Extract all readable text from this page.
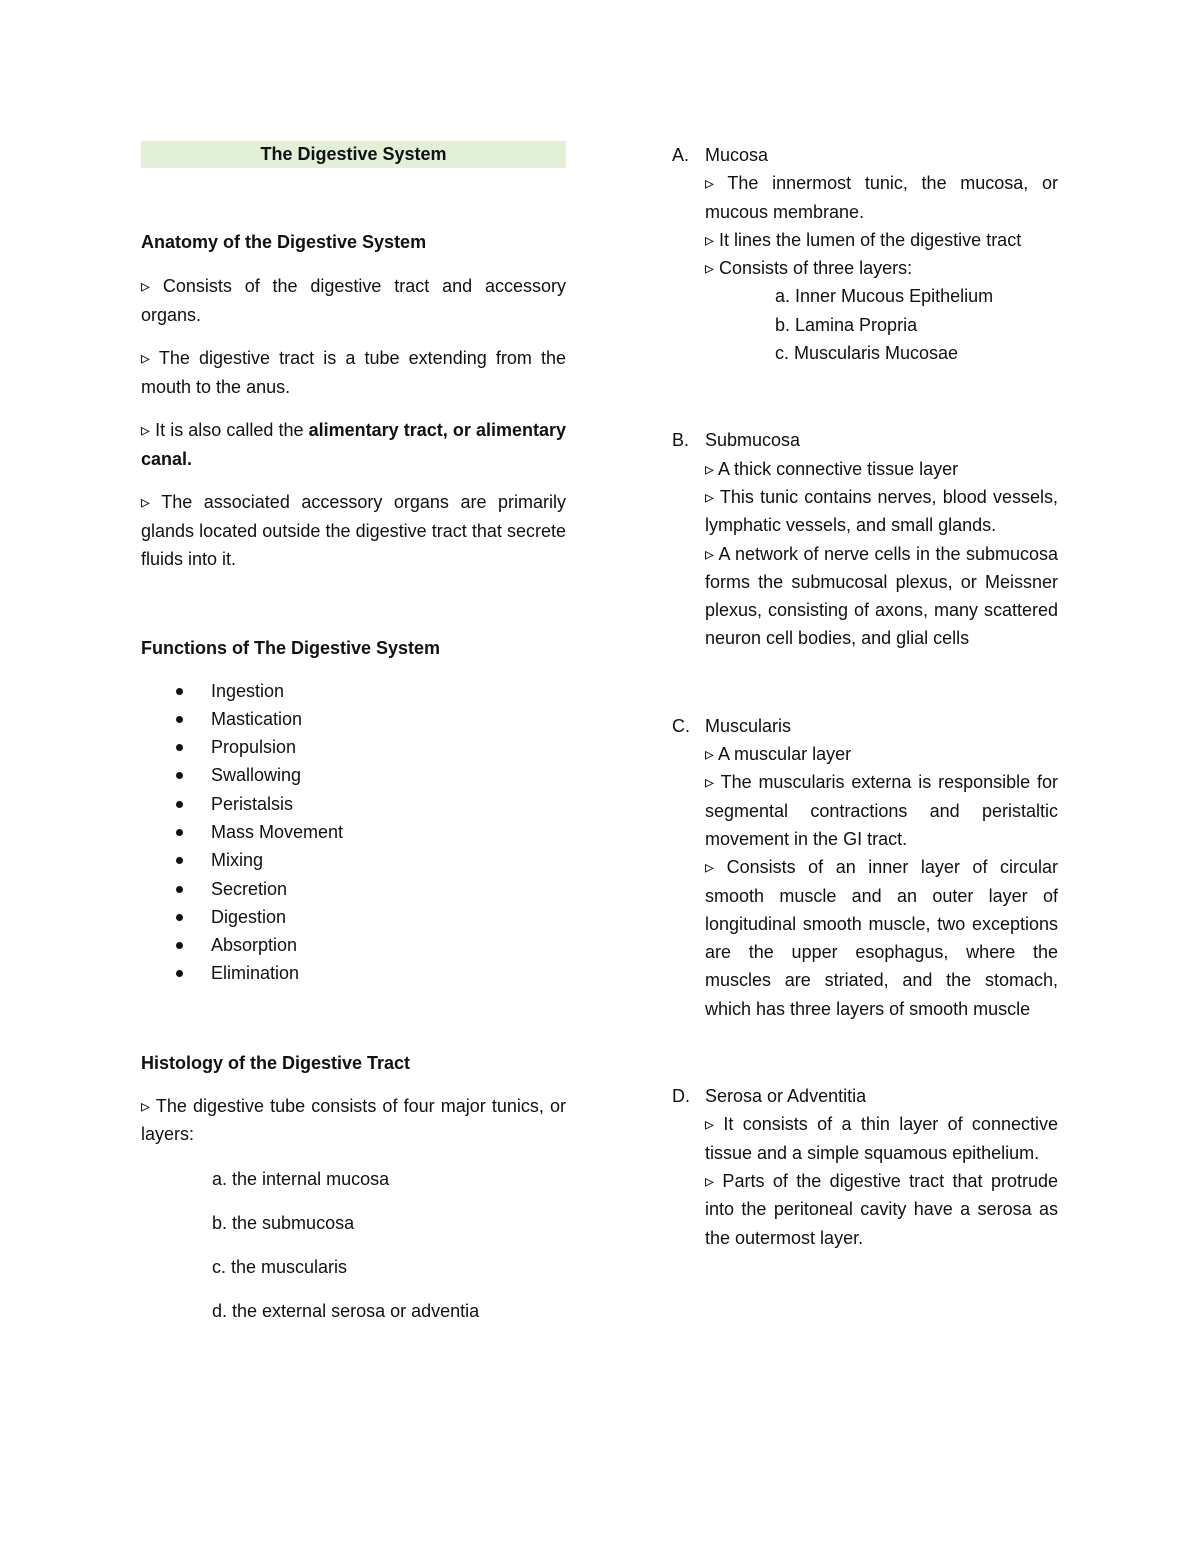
The Digestive System
Anatomy of the Digestive System
▹ Consists of the digestive tract and accessory organs.
▹ The digestive tract is a tube extending from the mouth to the anus.
▹ It is also called the alimentary tract, or alimentary canal.
▹ The associated accessory organs are primarily glands located outside the digestive tract that secrete fluids into it.
Functions of The Digestive System
Ingestion
Mastication
Propulsion
Swallowing
Peristalsis
Mass Movement
Mixing
Secretion
Digestion
Absorption
Elimination
Histology of the Digestive Tract
▹ The digestive tube consists of four major tunics, or layers:
a. the internal mucosa
b. the submucosa
c. the muscularis
d. the external serosa or adventia
A. Mucosa
▹ The innermost tunic, the mucosa, or mucous membrane.
▹ It lines the lumen of the digestive tract
▹ Consists of three layers:
a. Inner Mucous Epithelium
b. Lamina Propria
c. Muscularis Mucosae
B. Submucosa
▹ A thick connective tissue layer
▹ This tunic contains nerves, blood vessels, lymphatic vessels, and small glands.
▹ A network of nerve cells in the submucosa forms the submucosal plexus, or Meissner plexus, consisting of axons, many scattered neuron cell bodies, and glial cells
C. Muscularis
▹ A muscular layer
▹ The muscularis externa is responsible for segmental contractions and peristaltic movement in the GI tract.
▹ Consists of an inner layer of circular smooth muscle and an outer layer of longitudinal smooth muscle, two exceptions are the upper esophagus, where the muscles are striated, and the stomach, which has three layers of smooth muscle
D. Serosa or Adventitia
▹ It consists of a thin layer of connective tissue and a simple squamous epithelium.
▹ Parts of the digestive tract that protrude into the peritoneal cavity have a serosa as the outermost layer.
